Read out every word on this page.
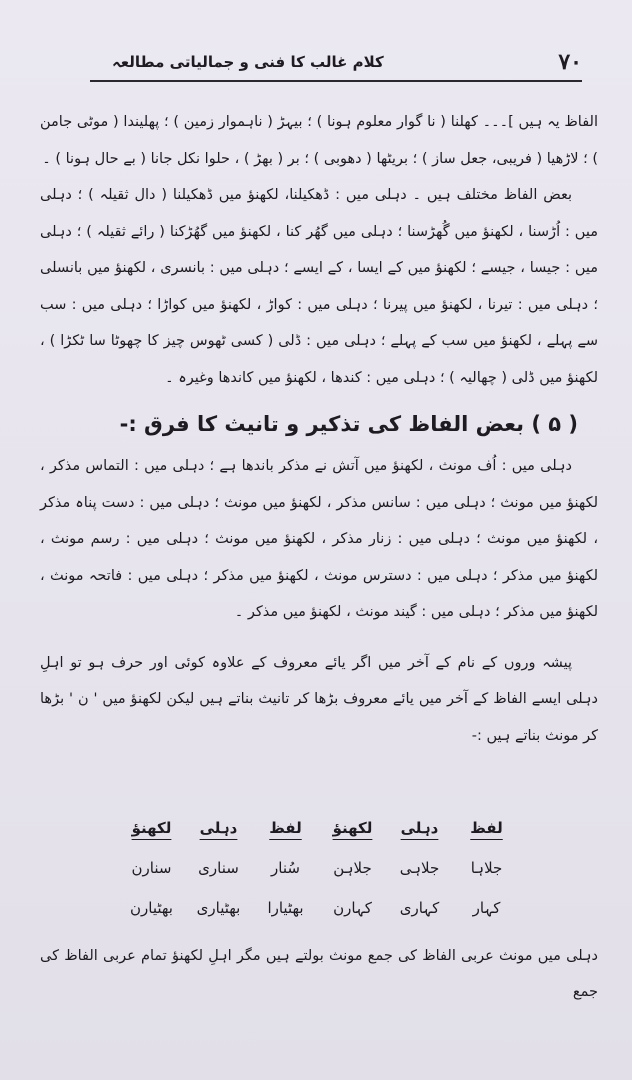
٧٠
کلام غالب کا فنی و جمالیاتی مطالعہ

الفاظ یہ ہیں ]۔۔۔ کھلنا ( نا گوار معلوم ہونا ) ؛ بیہڑ ( ناہموار زمین ) ؛ پھلیندا ( موٹی جامن ) ؛ لاڑھیا ( فریبی، جعل ساز ) ؛ بریٹھا ( دھوبی ) ؛ بر ( بھڑ ) ، حلوا نکل جانا ( بے حال ہونا ) ۔

بعض الفاظ مختلف ہیں ۔ دہلی میں : ڈھکیلنا، لکھنؤ میں ڈھکیلنا ( دال ثقیلہ ) ؛ دہلی میں : اُڑسنا ، لکھنؤ میں گُھڑسنا ؛ دہلی میں گھُر کنا ، لکھنؤ میں گھُڑکنا ( رائے ثقیلہ ) ؛ دہلی میں : جیسا ، جیسے ؛ لکھنؤ میں کے ایسا ، کے ایسے ؛ دہلی میں : بانسری ، لکھنؤ میں بانسلی ؛ دہلی میں : تیرنا ، لکھنؤ میں پیرنا ؛ دہلی میں : کواڑ ، لکھنؤ میں کواڑا ؛ دہلی میں : سب سے پہلے ، لکھنؤ میں سب کے پہلے ؛ دہلی میں : ڈلی ( کسی ٹھوس چیز کا چھوٹا سا ٹکڑا ) ، لکھنؤ میں ڈلی ( چھالیہ ) ؛ دہلی میں : کندھا ، لکھنؤ میں کاندھا وغیرہ ۔

( ۵ ) بعض الفاظ کی تذکیر و تانیث کا فرق :-

دہلی میں : اُف مونث ، لکھنؤ میں آتش نے مذکر باندھا ہے ؛ دہلی میں : التماس مذکر ، لکھنؤ میں مونث ؛ دہلی میں : سانس مذکر ، لکھنؤ میں مونث ؛ دہلی میں : دست پناہ مذکر ، لکھنؤ میں مونث ؛ دہلی میں : زنار مذکر ، لکھنؤ میں مونث ؛ دہلی میں : رسم مونث ، لکھنؤ میں مذکر ؛ دہلی میں : دسترس مونث ، لکھنؤ میں مذکر ؛ دہلی میں : فاتحہ مونث ، لکھنؤ میں مذکر ؛ دہلی میں : گیند مونث ، لکھنؤ میں مذکر ۔

پیشہ وروں کے نام کے آخر میں اگر یائے معروف کے علاوہ کوئی اور حرف ہو تو اہلِ دہلی ایسے الفاظ کے آخر میں یائے معروف بڑھا کر تانیث بناتے ہیں لیکن لکھنؤ میں ' ن ' بڑھا کر مونث بناتے ہیں :-

لفظ
دہلی
لکھنؤ
لفظ
دہلی
لکھنؤ
جلاہا
جلاہی
جلاہن
سُنار
سناری
سنارن
کہار
کہاری
کہارن
بھٹیارا
بھٹیاری
بھٹیارن
دہلی میں مونث عربی الفاظ کی جمع مونث بولتے ہیں مگر اہلِ لکھنؤ تمام عربی الفاظ کی جمع
